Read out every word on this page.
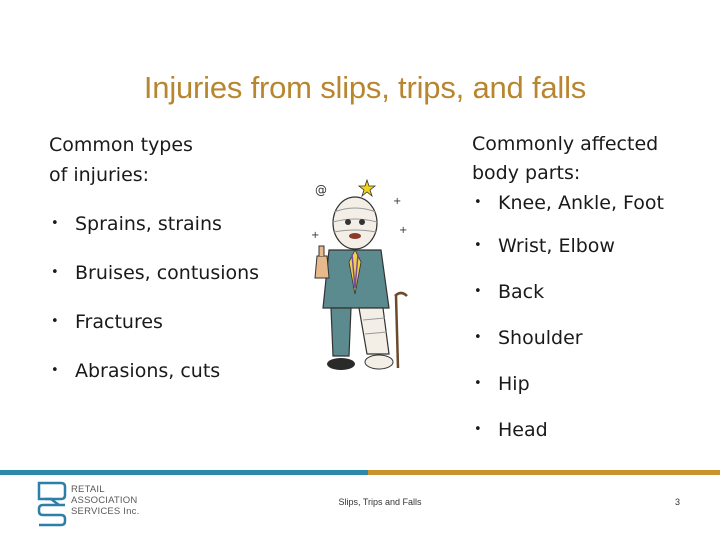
Injuries from slips, trips, and falls

Common types
of injuries:

• Sprains, strains
• Bruises, contusions
• Fractures
• Abrasions, cuts

Commonly affected
body parts:

• Knee, Ankle, Foot
• Wrist, Elbow
• Back
• Shoulder
• Hip
• Head
@
+
+	+
RETAIL
ASSOCIATION
SERVICES Inc.
Slips, Trips and Falls	3
